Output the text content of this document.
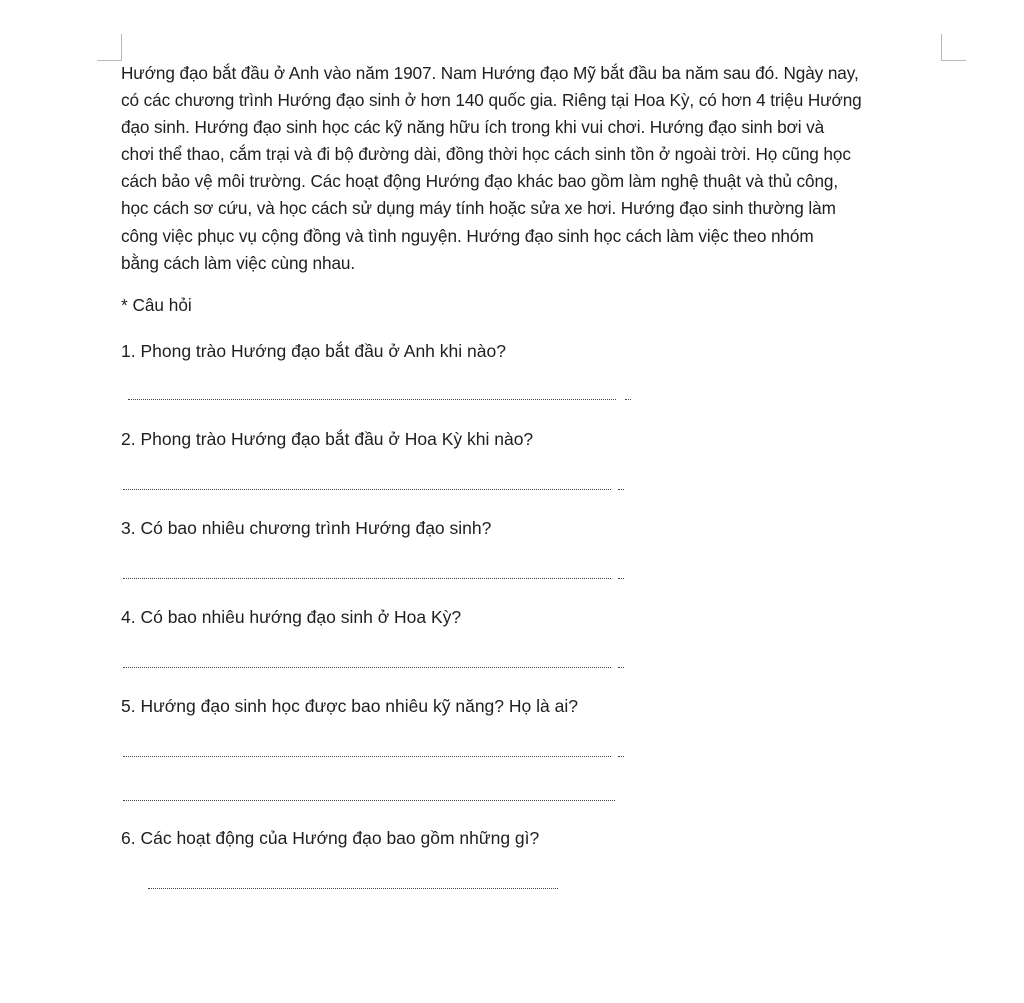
Hướng đạo bắt đầu ở Anh vào năm 1907. Nam Hướng đạo Mỹ bắt đầu ba năm sau đó. Ngày nay,
có các chương trình Hướng đạo sinh ở hơn 140 quốc gia. Riêng tại Hoa Kỳ, có hơn 4 triệu Hướng
đạo sinh. Hướng đạo sinh học các kỹ năng hữu ích trong khi vui chơi. Hướng đạo sinh bơi và
chơi thể thao, cắm trại và đi bộ đường dài, đồng thời học cách sinh tồn ở ngoài trời. Họ cũng học
cách bảo vệ môi trường. Các hoạt động Hướng đạo khác bao gồm làm nghệ thuật và thủ công,
học cách sơ cứu, và học cách sử dụng máy tính hoặc sửa xe hơi. Hướng đạo sinh thường làm
công việc phục vụ cộng đồng và tình nguyện. Hướng đạo sinh học cách làm việc theo nhóm
bằng cách làm việc cùng nhau.

* Câu hỏi

1. Phong trào Hướng đạo bắt đầu ở Anh khi nào?

2. Phong trào Hướng đạo bắt đầu ở Hoa Kỳ khi nào?

3. Có bao nhiêu chương trình Hướng đạo sinh?

4. Có bao nhiêu hướng đạo sinh ở Hoa Kỳ?

5. Hướng đạo sinh học được bao nhiêu kỹ năng? Họ là ai?

6. Các hoạt động của Hướng đạo bao gồm những gì?
